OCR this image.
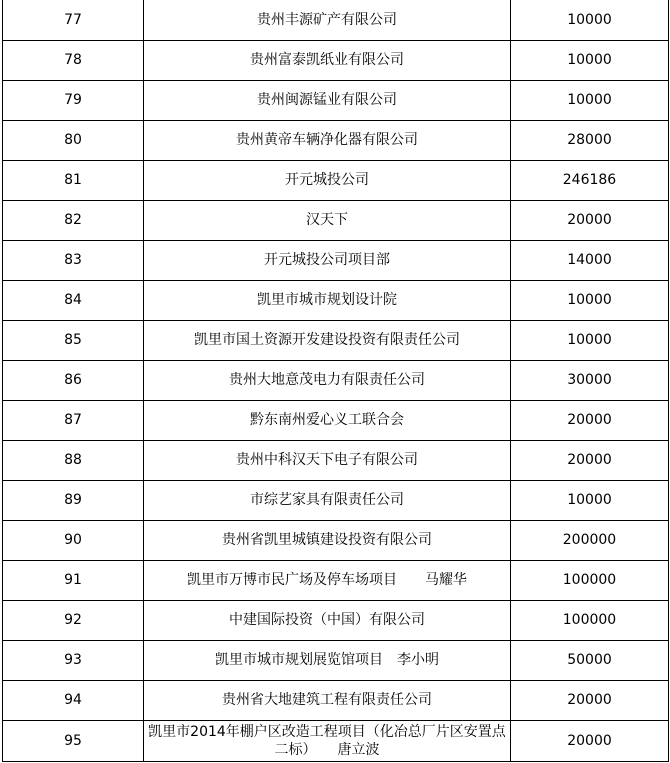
77	贵州丰源矿产有限公司	10000
78	贵州富泰凯纸业有限公司	10000
79	贵州闽源锰业有限公司	10000
80	贵州黄帝车辆净化器有限公司	28000
81	开元城投公司	246186
82	汉天下	20000
83	开元城投公司项目部	14000
84	凯里市城市规划设计院	10000
85	凯里市国土资源开发建设投资有限责任公司	10000
86	贵州大地意茂电力有限责任公司	30000
87	黔东南州爱心义工联合会	20000
88	贵州中科汉天下电子有限公司	20000
89	市综艺家具有限责任公司	10000
90	贵州省凯里城镇建设投资有限公司	200000
91	凯里市万博市民广场及停车场项目　　马耀华	100000
92	中建国际投资（中国）有限公司	100000
93	凯里市城市规划展览馆项目　李小明	50000
94	贵州省大地建筑工程有限责任公司	20000
95	凯里市2014年棚户区改造工程项目（化冶总厂片区安置点二标）　　唐立波	20000
